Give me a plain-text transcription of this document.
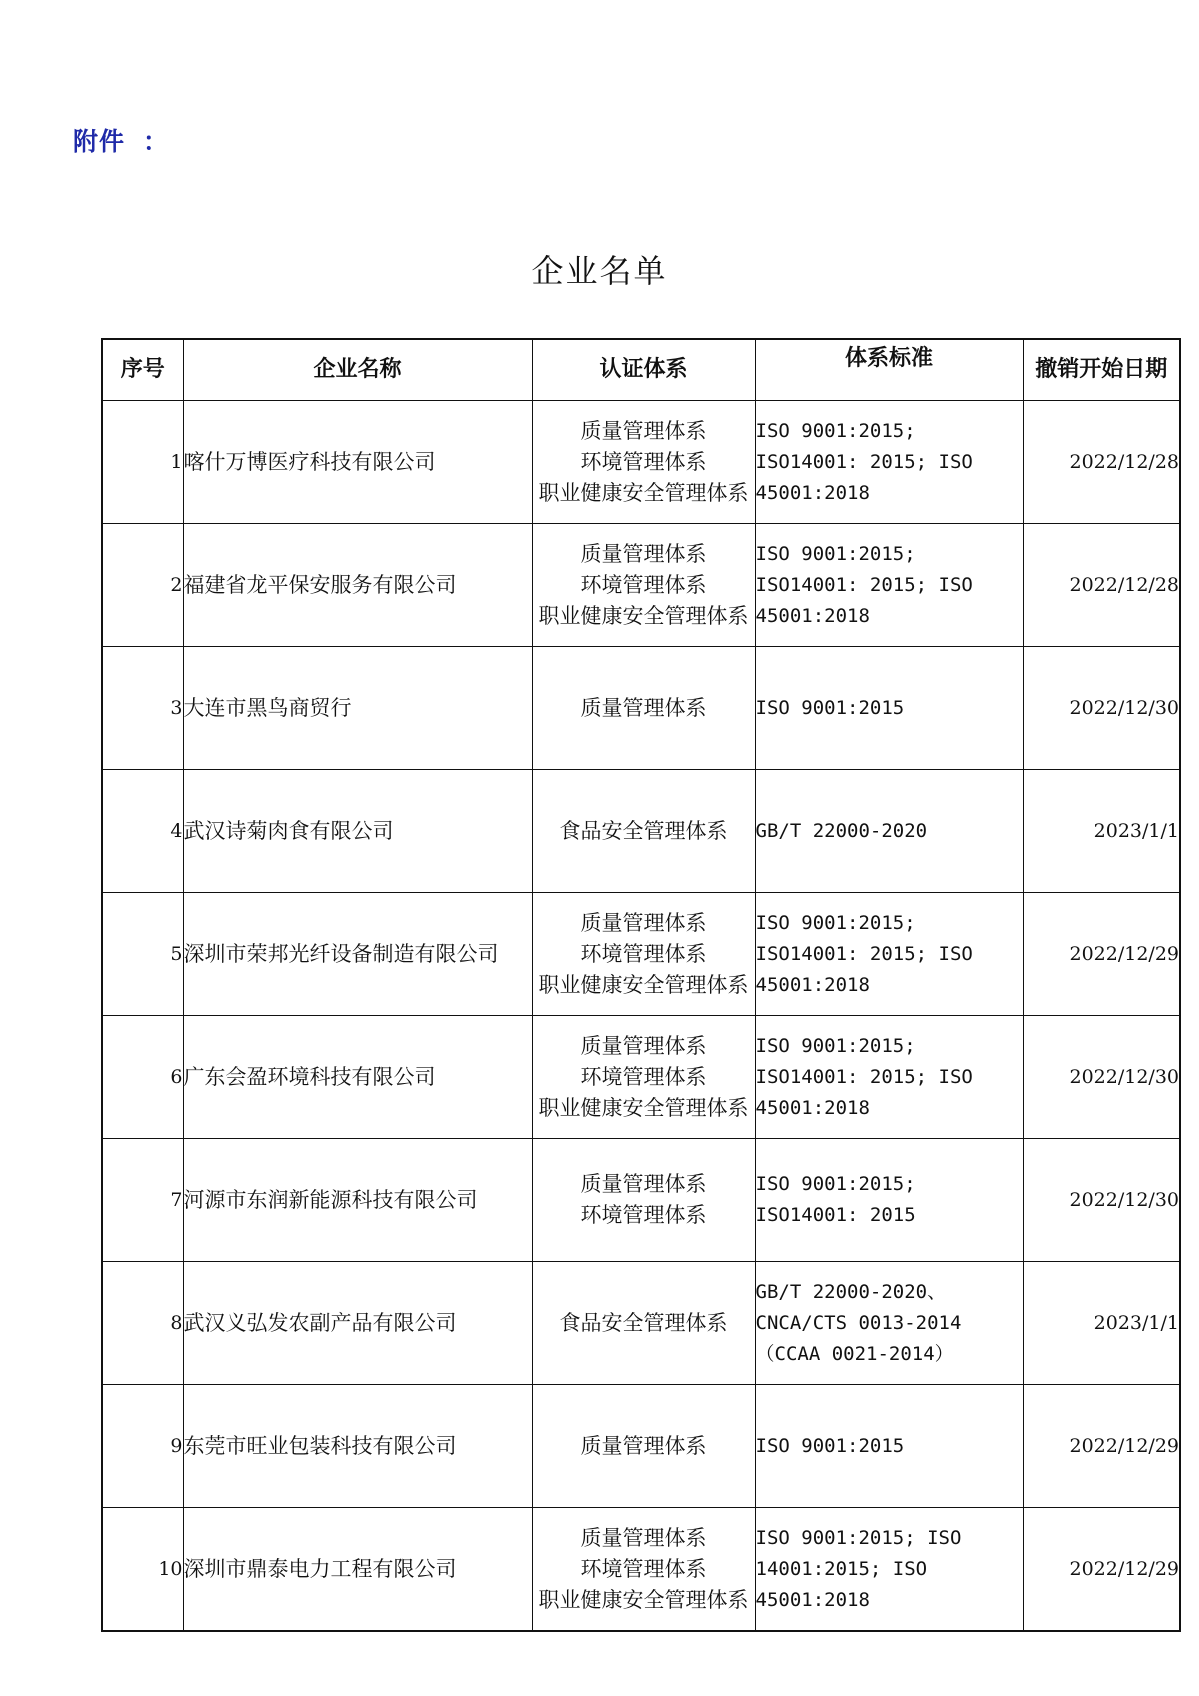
附件 ：
企业名单
序号	企业名称	认证体系	体系标准	撤销开始日期
1	喀什万博医疗科技有限公司	质量管理体系
环境管理体系
职业健康安全管理体系	ISO 9001:2015;
ISO14001: 2015; ISO
45001:2018	2022/12/28
2	福建省龙平保安服务有限公司	质量管理体系
环境管理体系
职业健康安全管理体系	ISO 9001:2015;
ISO14001: 2015; ISO
45001:2018	2022/12/28
3	大连市黑鸟商贸行	质量管理体系	ISO 9001:2015	2022/12/30
4	武汉诗菊肉食有限公司	食品安全管理体系	GB/T 22000-2020	2023/1/1
5	深圳市荣邦光纤设备制造有限公司	质量管理体系
环境管理体系
职业健康安全管理体系	ISO 9001:2015;
ISO14001: 2015; ISO
45001:2018	2022/12/29
6	广东会盈环境科技有限公司	质量管理体系
环境管理体系
职业健康安全管理体系	ISO 9001:2015;
ISO14001: 2015; ISO
45001:2018	2022/12/30
7	河源市东润新能源科技有限公司	质量管理体系
环境管理体系	ISO 9001:2015;
ISO14001: 2015	2022/12/30
8	武汉义弘发农副产品有限公司	食品安全管理体系	GB/T 22000-2020、
CNCA/CTS 0013-2014
（CCAA 0021-2014）	2023/1/1
9	东莞市旺业包装科技有限公司	质量管理体系	ISO 9001:2015	2022/12/29
10	深圳市鼎泰电力工程有限公司	质量管理体系
环境管理体系
职业健康安全管理体系	ISO 9001:2015; ISO
14001:2015; ISO
45001:2018	2022/12/29
